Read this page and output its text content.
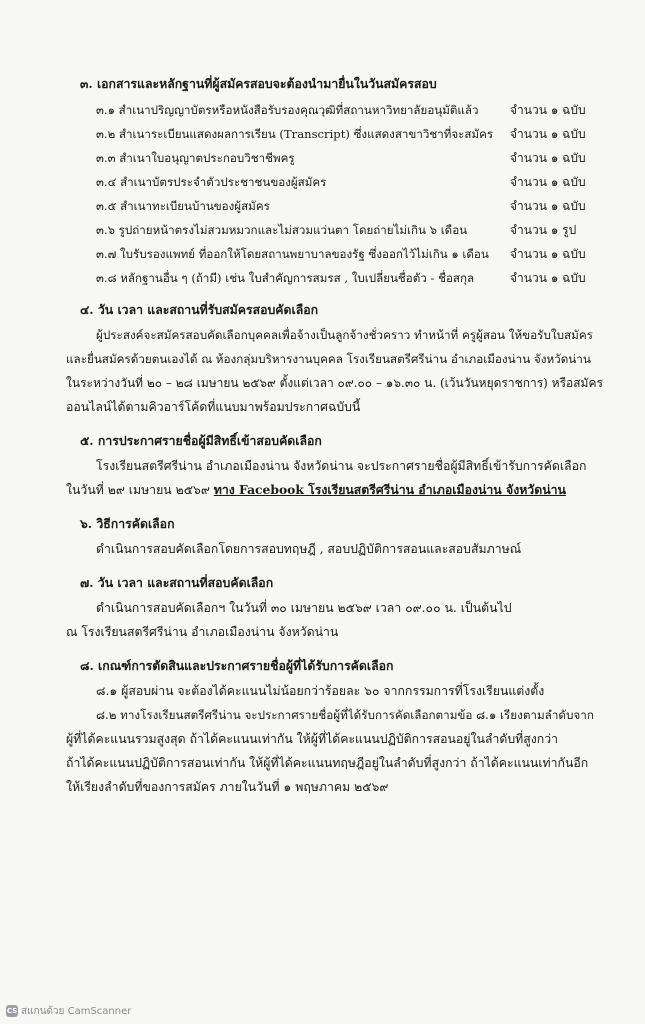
๓. เอกสารและหลักฐานที่ผู้สมัครสอบจะต้องนำมายื่นในวันสมัครสอบ
๓.๑ สำเนาปริญญาบัตรหรือหนังสือรับรองคุณวุฒิที่สถานหาวิทยาลัยอนุมัติแล้ว	จำนวน ๑ ฉบับ
๓.๒ สำเนาระเบียนแสดงผลการเรียน (Transcript) ซึ่งแสดงสาขาวิชาที่จะสมัคร จำนวน ๑ ฉบับ
๓.๓ สำเนาใบอนุญาตประกอบวิชาชีพครู	จำนวน ๑ ฉบับ
๓.๔ สำเนาบัตรประจำตัวประชาชนของผู้สมัคร	จำนวน ๑ ฉบับ
๓.๕ สำเนาทะเบียนบ้านของผู้สมัคร	จำนวน ๑ ฉบับ
๓.๖ รูปถ่ายหน้าตรงไม่สวมหมวกและไม่สวมแว่นตา โดยถ่ายไม่เกิน ๖ เดือน	จำนวน ๑ รูป
๓.๗ ใบรับรองแพทย์ ที่ออกให้โดยสถานพยาบาลของรัฐ ซึ่งออกไว้ไม่เกิน ๑ เดือน จำนวน ๑ ฉบับ
๓.๘ หลักฐานอื่น ๆ (ถ้ามี) เช่น ใบสำคัญการสมรส , ใบเปลี่ยนชื่อตัว - ชื่อสกุล	จำนวน ๑ ฉบับ
๔. วัน เวลา และสถานที่รับสมัครสอบคัดเลือก
ผู้ประสงค์จะสมัครสอบคัดเลือกบุคคลเพื่อจ้างเป็นลูกจ้างชั่วคราว ทำหน้าที่ ครูผู้สอน ให้ขอรับใบสมัคร
และยื่นสมัครด้วยตนเองได้ ณ ห้องกลุ่มบริหารงานบุคคล โรงเรียนสตรีศรีน่าน อำเภอเมืองน่าน จังหวัดน่าน
ในระหว่างวันที่ ๒๐ – ๒๘ เมษายน ๒๕๖๙ ตั้งแต่เวลา ๐๙.๐๐ – ๑๖.๓๐ น. (เว้นวันหยุดราชการ) หรือสมัคร
ออนไลน์ได้ตามคิวอาร์โค้ดที่แนบมาพร้อมประกาศฉบับนี้
๕. การประกาศรายชื่อผู้มีสิทธิ์เข้าสอบคัดเลือก
โรงเรียนสตรีศรีน่าน อำเภอเมืองน่าน จังหวัดน่าน จะประกาศรายชื่อผู้มีสิทธิ์เข้ารับการคัดเลือก
ในวันที่ ๒๙ เมษายน ๒๕๖๙ ทาง Facebook โรงเรียนสตรีศรีน่าน อำเภอเมืองน่าน จังหวัดน่าน
๖. วิธีการคัดเลือก
ดำเนินการสอบคัดเลือกโดยการสอบทฤษฎี , สอบปฏิบัติการสอนและสอบสัมภาษณ์
๗. วัน เวลา และสถานที่สอบคัดเลือก
ดำเนินการสอบคัดเลือกฯ ในวันที่ ๓๐ เมษายน ๒๕๖๙ เวลา ๐๙.๐๐ น. เป็นต้นไป
ณ โรงเรียนสตรีศรีน่าน อำเภอเมืองน่าน จังหวัดน่าน
๘. เกณฑ์การตัดสินและประกาศรายชื่อผู้ที่ได้รับการคัดเลือก
๘.๑ ผู้สอบผ่าน จะต้องได้คะแนนไม่น้อยกว่าร้อยละ ๖๐ จากกรรมการที่โรงเรียนแต่งตั้ง
๘.๒ ทางโรงเรียนสตรีศรีน่าน จะประกาศรายชื่อผู้ที่ได้รับการคัดเลือกตามข้อ ๘.๑ เรียงตามลำดับจาก
ผู้ที่ได้คะแนนรวมสูงสุด ถ้าได้คะแนนเท่ากัน ให้ผู้ที่ได้คะแนนปฏิบัติการสอนอยู่ในลำดับที่สูงกว่า
ถ้าได้คะแนนปฏิบัติการสอนเท่ากัน ให้ผู้ที่ได้คะแนนทฤษฎีอยู่ในลำดับที่สูงกว่า ถ้าได้คะแนนเท่ากันอีก
ให้เรียงลำดับที่ของการสมัคร ภายในวันที่ ๑ พฤษภาคม ๒๕๖๙
CS สแกนด้วย CamScanner
